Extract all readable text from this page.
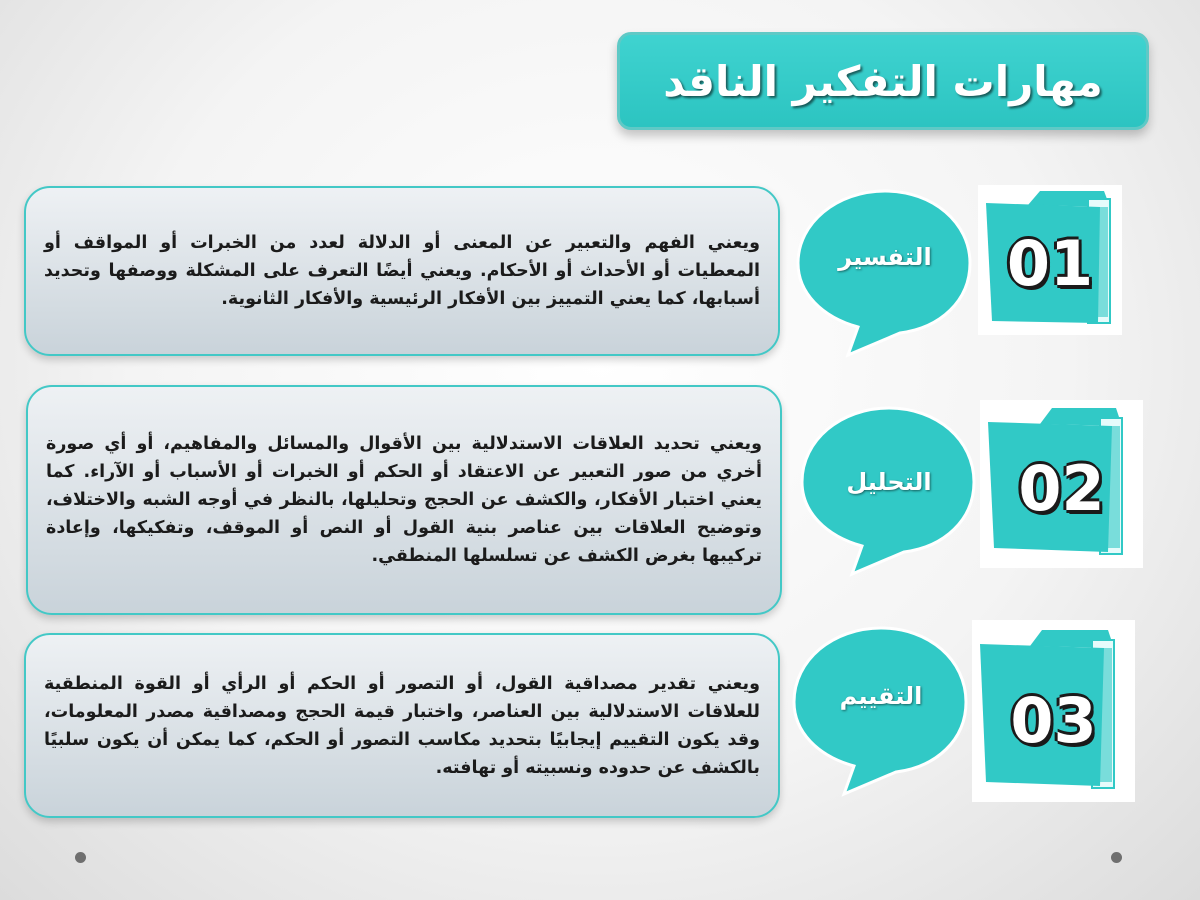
مهارات التفكير الناقد

ويعني الفهم والتعبير عن المعنى أو الدلالة لعدد من الخبرات أو المواقف أو المعطيات أو الأحداث أو الأحكام. ويعني أيضًا التعرف على المشكلة ووصفها وتحديد أسبابها، كما يعني التمييز بين الأفكار الرئيسية والأفكار الثانوية.

التفسير	01

ويعني تحديد العلاقات الاستدلالية بين الأقوال والمسائل والمفاهيم، أو أي صورة أخري من صور التعبير عن الاعتقاد أو الحكم أو الخبرات أو الأسباب أو الآراء. كما يعني اختبار الأفكار، والكشف عن الحجج وتحليلها، بالنظر في أوجه الشبه والاختلاف، وتوضيح العلاقات بين عناصر بنية القول أو النص أو الموقف، وتفكيكها، وإعادة تركيبها بغرض الكشف عن تسلسلها المنطقي.

التحليل	02

ويعني تقدير مصداقية القول، أو التصور أو الحكم أو الرأي أو القوة المنطقية للعلاقات الاستدلالية بين العناصر، واختبار قيمة الحجج ومصداقية مصدر المعلومات، وقد يكون التقييم إيجابيًا بتحديد مكاسب التصور أو الحكم، كما يمكن أن يكون سلبيًا بالكشف عن حدوده ونسبيته أو تهافته.

التقييم	03
